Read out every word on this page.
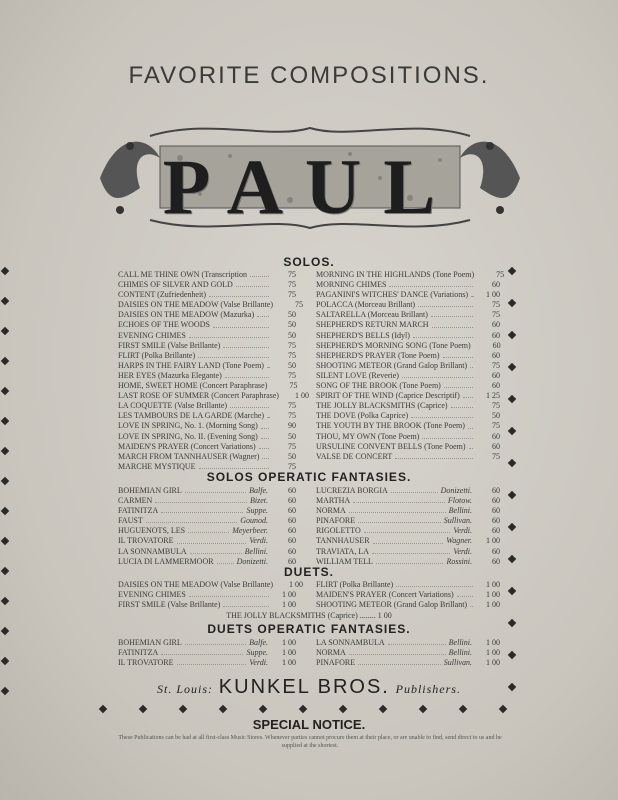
FAVORITE COMPOSITIONS.
PAUL
SOLOS.
CALL ME THINE OWN (Transcription	75
CHIMES OF SILVER AND GOLD	75
CONTENT (Zufriedenheit)	75
DAISIES ON THE MEADOW (Valse Brillante)	75
DAISIES ON THE MEADOW (Mazurka)	50
ECHOES OF THE WOODS	50
EVENING CHIMES	50
FIRST SMILE (Valse Brillante)	75
FLIRT (Polka Brillante)	75
HARPS IN THE FAIRY LAND (Tone Poem)	50
HER EYES (Mazurka Elegante)	75
HOME, SWEET HOME (Concert Paraphrase)	75
LAST ROSE OF SUMMER (Concert Paraphrase)	1 00
LA COQUETTE (Valse Brillante)	75
LES TAMBOURS DE LA GARDE (Marche)	75
LOVE IN SPRING, No. 1. (Morning Song)	90
LOVE IN SPRING, No. II. (Evening Song)	50
MAIDEN'S PRAYER (Concert Variations)	75
MARCH FROM TANNHAUSER (Wagner)	50
MARCHE MYSTIQUE	75
MORNING IN THE HIGHLANDS (Tone Poem)	75
MORNING CHIMES	60
PAGANINI'S WITCHES' DANCE (Variations)	1 00
POLACCA (Morceau Brillant)	75
SALTARELLA (Morceau Brillant)	75
SHEPHERD'S RETURN MARCH	60
SHEPHERD'S BELLS (Idyl)	60
SHEPHERD'S MORNING SONG (Tone Poem)	60
SHEPHERD'S PRAYER (Tone Poem)	60
SHOOTING METEOR (Grand Galop Brillant)	75
SILENT LOVE (Reverie)	60
SONG OF THE BROOK (Tone Poem)	60
SPIRIT OF THE WIND (Caprice Descriptif)	1 25
THE JOLLY BLACKSMITHS (Caprice)	75
THE DOVE (Polka Caprice)	50
THE YOUTH BY THE BROOK (Tone Poem)	75
THOU, MY OWN (Tone Poem)	60
URSULINE CONVENT BELLS (Tone Poem)	60
VALSE DE CONCERT	75
SOLOS OPERATIC FANTASIES.
BOHEMIAN GIRL	Balfe.	60
CARMEN	Bizet.	60
FATINITZA	Suppe.	60
FAUST	Gounod.	60
HUGUENOTS, LES	Meyerbeer.	60
IL TROVATORE	Verdi.	60
LA SONNAMBULA	Bellini.	60
LUCIA DI LAMMERMOOR	Donizetti.	60
LUCREZIA BORGIA	Donizetti.	60
MARTHA	Flotow.	60
NORMA	Bellini.	60
PINAFORE	Sullivan.	60
RIGOLETTO	Verdi.	60
TANNHAUSER	Wagner.	1 00
TRAVIATA, LA	Verdi.	60
WILLIAM TELL	Rossini.	60
DUETS.
DAISIES ON THE MEADOW (Valse Brillante)	1 00
EVENING CHIMES	1 00
FIRST SMILE (Valse Brillante)	1 00
FLIRT (Polka Brillante)	1 00
MAIDEN'S PRAYER (Concert Variations)	1 00
SHOOTING METEOR (Grand Galop Brillant)	1 00
THE JOLLY BLACKSMITHS (Caprice) ........ 1 00
DUETS OPERATIC FANTASIES.
BOHEMIAN GIRL	Balfe.	1 00
FATINITZA	Suppe.	1 00
IL TROVATORE	Verdi.	1 00
LA SONNAMBULA	Bellini.	1 00
NORMA	Bellini.	1 00
PINAFORE	Sullivan.	1 00
St. Louis: KUNKEL BROS. Publishers.
SPECIAL NOTICE.
These Publications can be had at all first-class Music Stores. Whenever parties cannot procure them at their place, or are unable to find, send direct to us and be supplied at the shortest.
